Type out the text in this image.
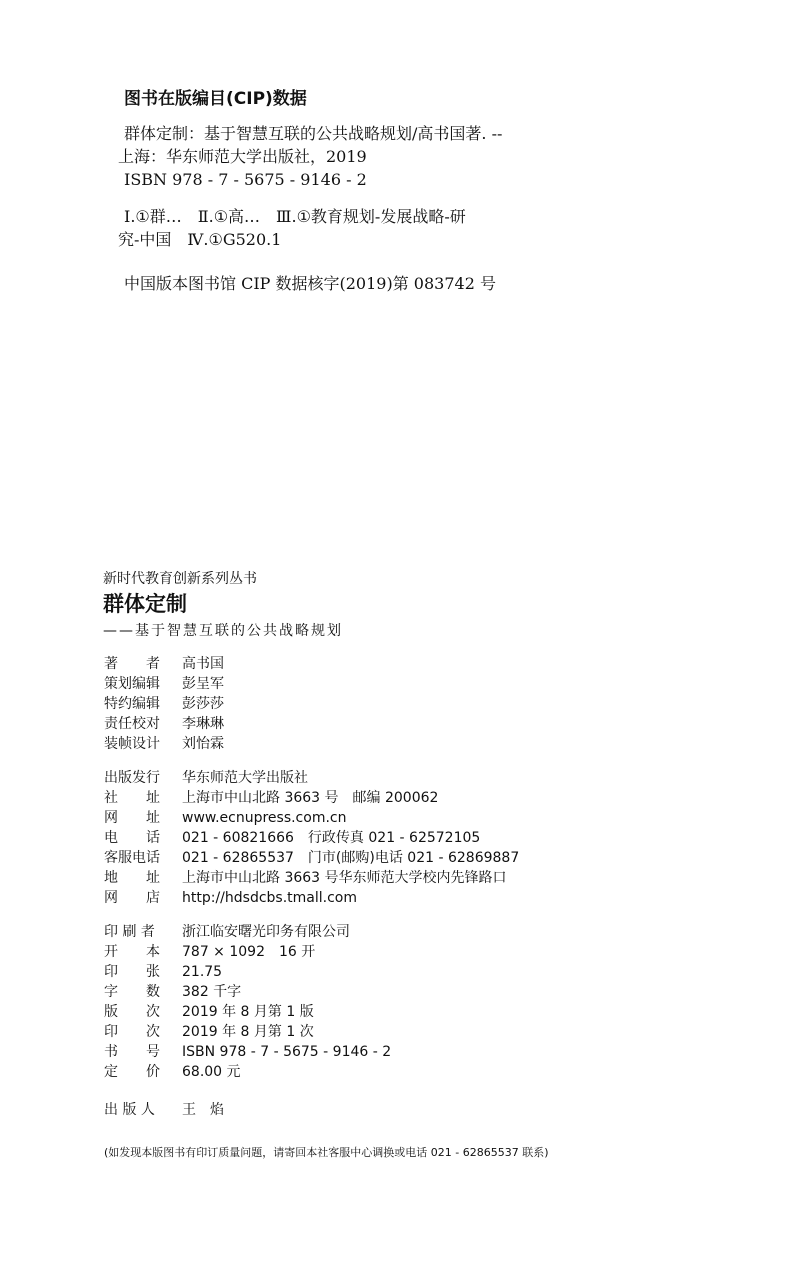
图书在版编目(CIP)数据
群体定制：基于智慧互联的公共战略规划/高书国著. --
上海：华东师范大学出版社，2019
ISBN 978 - 7 - 5675 - 9146 - 2
Ⅰ.①群…　Ⅱ.①高…　Ⅲ.①教育规划-发展战略-研
究-中国　Ⅳ.①G520.1
中国版本图书馆 CIP 数据核字(2019)第 083742 号
新时代教育创新系列丛书
群体定制
——基于智慧互联的公共战略规划
著　　者	高书国
策划编辑	彭呈军
特约编辑	彭莎莎
责任校对	李琳琳
装帧设计	刘怡霖
出版发行	华东师范大学出版社
社　　址	上海市中山北路 3663 号　邮编 200062
网　　址	www.ecnupress.com.cn
电　　话	021 - 60821666　行政传真 021 - 62572105
客服电话	021 - 62865537　门市(邮购)电话 021 - 62869887
地　　址	上海市中山北路 3663 号华东师范大学校内先锋路口
网　　店	http://hdsdcbs.tmall.com
印 刷 者	浙江临安曙光印务有限公司
开　　本	787 × 1092　16 开
印　　张	21.75
字　　数	382 千字
版　　次	2019 年 8 月第 1 版
印　　次	2019 年 8 月第 1 次
书　　号	ISBN 978 - 7 - 5675 - 9146 - 2
定　　价	68.00 元
出 版 人	王　焰
(如发现本版图书有印订质量问题，请寄回本社客服中心调换或电话 021 - 62865537 联系)
